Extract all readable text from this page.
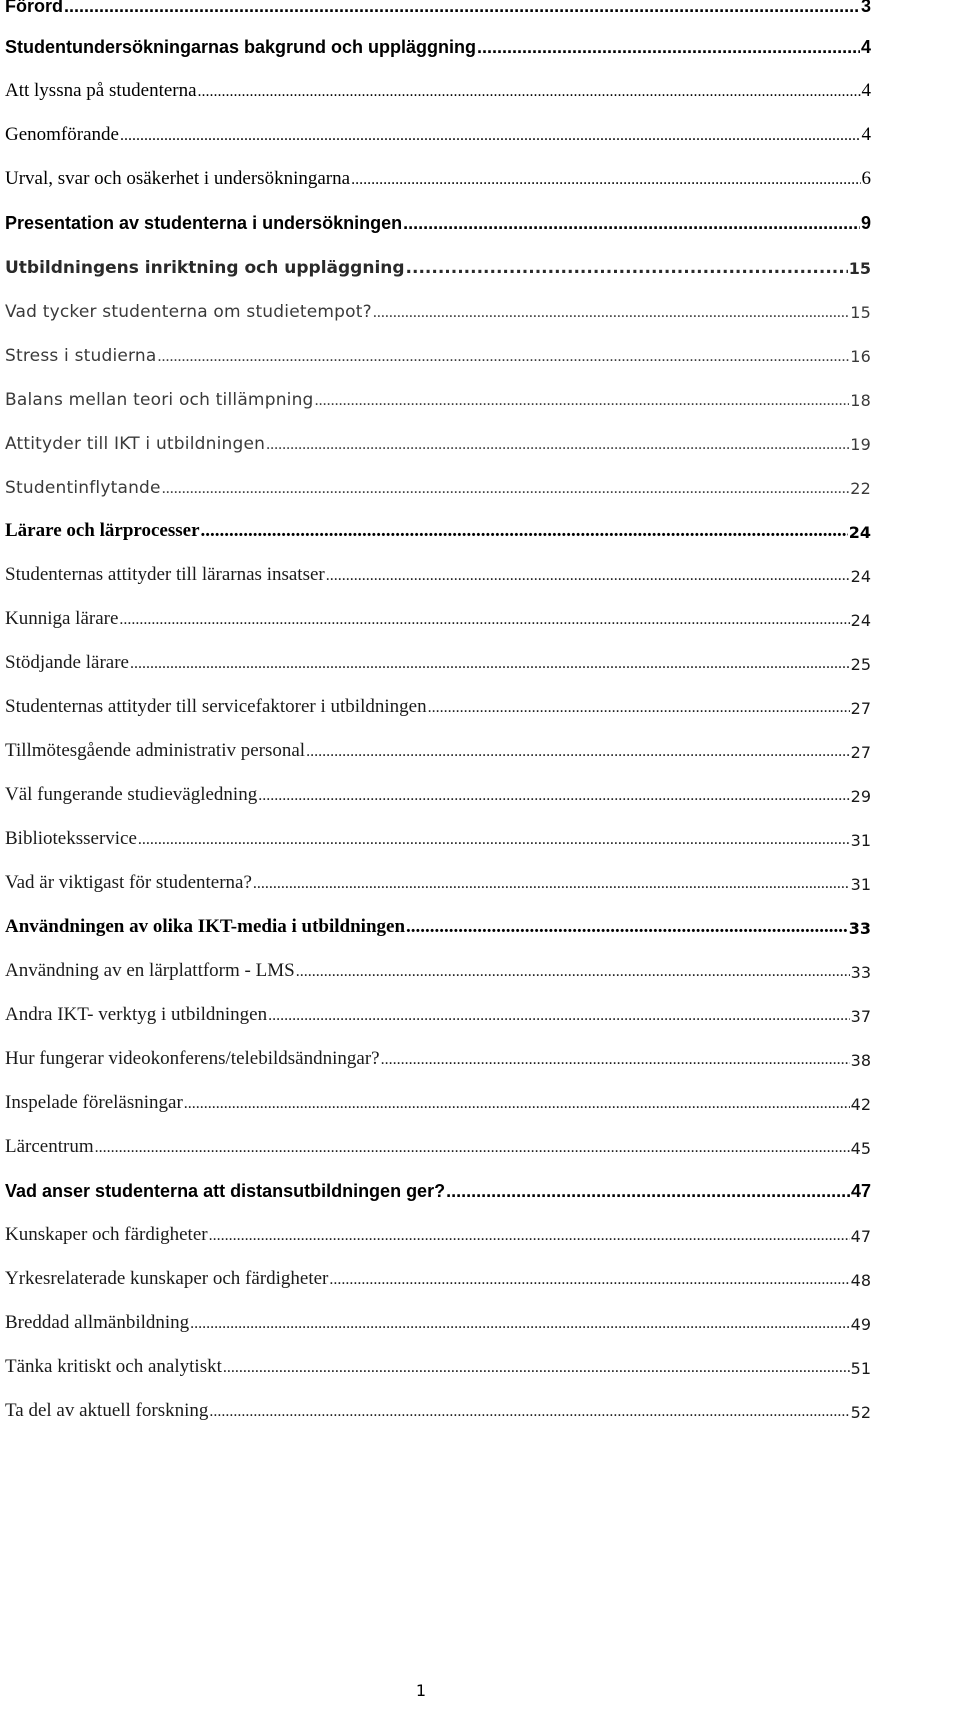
Förord .....	3
Studentundersökningarnas bakgrund och uppläggning .....	4
Att lyssna på studenterna .....	4
Genomförande .....	4
Urval, svar och osäkerhet i undersökningarna .....	6
Presentation av studenterna i undersökningen .....	9
Utbildningens inriktning och uppläggning .....	15
Vad tycker studenterna om studietempot? .....	15
Stress i studierna .....	16
Balans mellan teori och tillämpning .....	18
Attityder till IKT i utbildningen .....	19
Studentinflytande .....	22
Lärare och lärprocesser .....	24
Studenternas attityder till lärarnas insatser .....	24
Kunniga lärare .....	24
Stödjande lärare .....	25
Studenternas attityder till servicefaktorer i utbildningen .....	27
Tillmötesgående administrativ personal .....	27
Väl fungerande studievägledning .....	29
Biblioteksservice .....	31
Vad är viktigast för studenterna? .....	31
Användningen av olika IKT-media i utbildningen .....	33
Användning av en lärplattform - LMS .....	33
Andra IKT- verktyg i utbildningen .....	37
Hur fungerar videokonferens/telebildsändningar? .....	38
Inspelade föreläsningar .....	42
Lärcentrum .....	45
Vad anser studenterna att distansutbildningen ger? .....	47
Kunskaper och färdigheter .....	47
Yrkesrelaterade kunskaper och färdigheter .....	48
Breddad allmänbildning .....	49
Tänka kritiskt och analytiskt .....	51
Ta del av aktuell forskning .....	52
1
